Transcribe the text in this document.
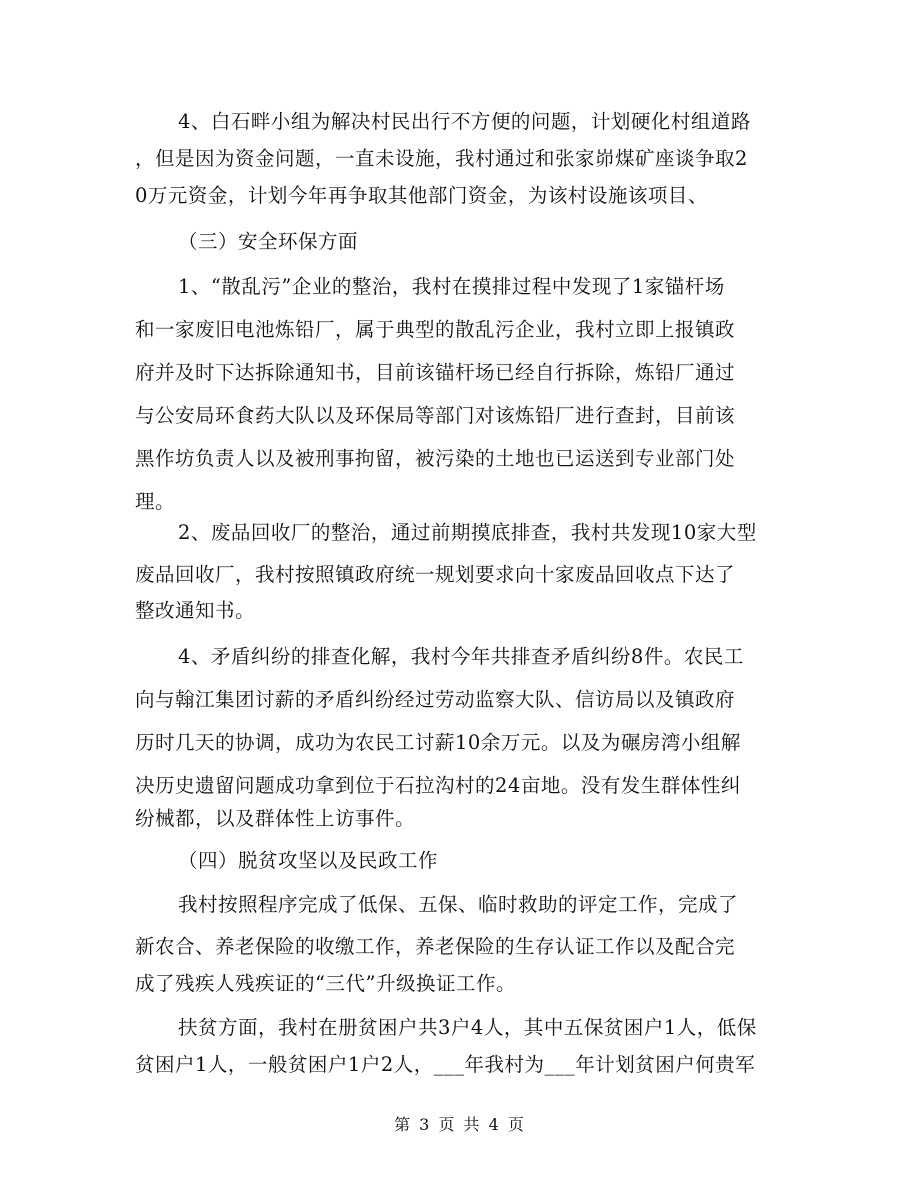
4、白石畔小组为解决村民出行不方便的问题，计划硬化村组道路
，但是因为资金问题，一直未设施，我村通过和张家峁煤矿座谈争取2
0万元资金，计划今年再争取其他部门资金，为该村设施该项目、
（三）安全环保方面
1、“散乱污”企业的整治，我村在摸排过程中发现了1家锚杆场
和一家废旧电池炼铅厂，属于典型的散乱污企业，我村立即上报镇政
府并及时下达拆除通知书，目前该锚杆场已经自行拆除，炼铅厂通过
与公安局环食药大队以及环保局等部门对该炼铅厂进行查封，目前该
黑作坊负责人以及被刑事拘留，被污染的土地也已运送到专业部门处
理。
2、废品回收厂的整治，通过前期摸底排查，我村共发现10家大型
废品回收厂，我村按照镇政府统一规划要求向十家废品回收点下达了
整改通知书。
4、矛盾纠纷的排查化解，我村今年共排查矛盾纠纷8件。农民工
向与翰江集团讨薪的矛盾纠纷经过劳动监察大队、信访局以及镇政府
历时几天的协调，成功为农民工讨薪10余万元。以及为碾房湾小组解
决历史遗留问题成功拿到位于石拉沟村的24亩地。没有发生群体性纠
纷械都，以及群体性上访事件。
（四）脱贫攻坚以及民政工作
我村按照程序完成了低保、五保、临时救助的评定工作，完成了
新农合、养老保险的收缴工作，养老保险的生存认证工作以及配合完
成了残疾人残疾证的“三代”升级换证工作。
扶贫方面，我村在册贫困户共3户4人，其中五保贫困户1人，低保
贫困户1人，一般贫困户1户2人，___年我村为___年计划贫困户何贵军
第 3 页 共 4 页
